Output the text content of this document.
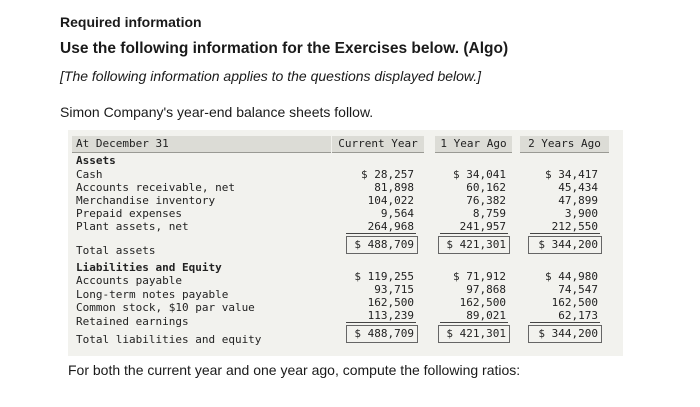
Required information
Use the following information for the Exercises below. (Algo)
[The following information applies to the questions displayed below.]
Simon Company's year-end balance sheets follow.
At December 31	Current Year	1 Year Ago	2 Years Ago
Assets
Cash	$ 28,257	$ 34,041	$ 34,417
Accounts receivable, net	81,898	60,162	45,434
Merchandise inventory	104,022	76,382	47,899
Prepaid expenses	9,564	8,759	3,900
Plant assets, net	264,968	241,957	212,550
Total assets	$ 488,709	$ 421,301	$ 344,200
Liabilities and Equity
Accounts payable	$ 119,255	$ 71,912	$ 44,980
Long-term notes payable	93,715	97,868	74,547
Common stock, $10 par value	162,500	162,500	162,500
Retained earnings	113,239	89,021	62,173
Total liabilities and equity	$ 488,709	$ 421,301	$ 344,200
For both the current year and one year ago, compute the following ratios:
